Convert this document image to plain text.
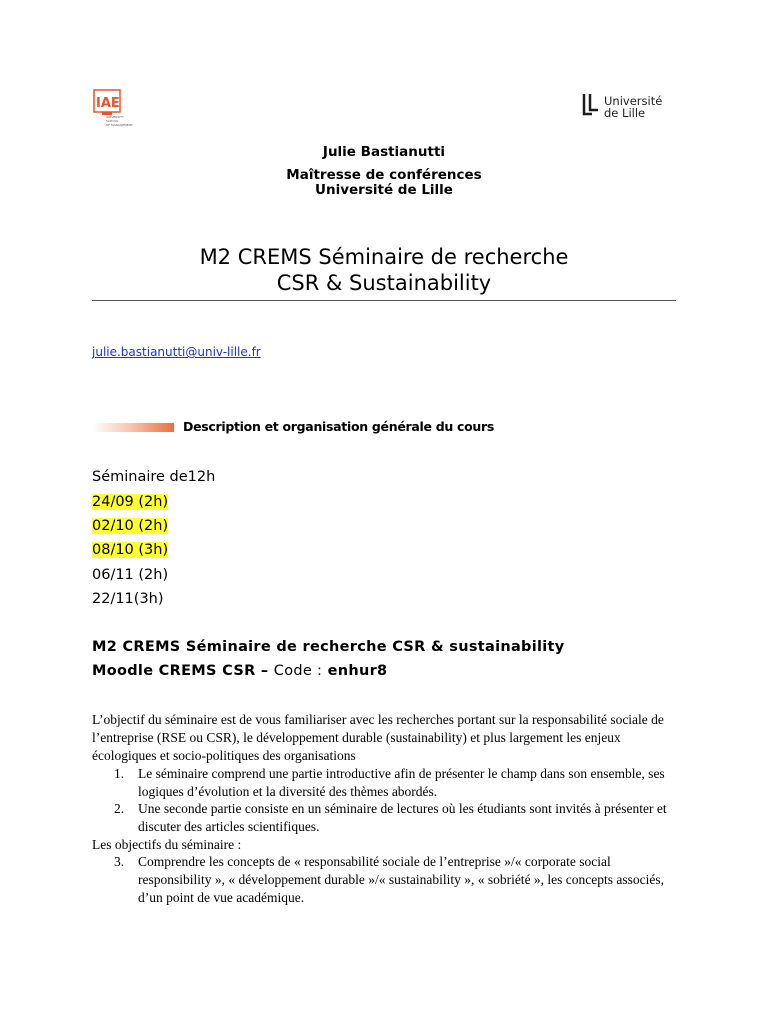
IAE
UNIVERSITY
SCHOOL
OF MANAGEMENT
Université
de Lille
Julie Bastianutti
Maîtresse de conférences
Université de Lille
M2 CREMS Séminaire de recherche
CSR & Sustainability
julie.bastianutti@univ-lille.fr
Description et organisation générale du cours
Séminaire de12h
24/09 (2h)
02/10 (2h)
08/10 (3h)
06/11 (2h)
22/11(3h)
M2 CREMS Séminaire de recherche CSR & sustainability
Moodle CREMS CSR – Code : enhur8
L’objectif du séminaire est de vous familiariser avec les recherches portant sur la responsabilité sociale de l’entreprise (RSE ou CSR), le développement durable (sustainability) et plus largement les enjeux écologiques et socio-politiques des organisations
1.	Le séminaire comprend une partie introductive afin de présenter le champ dans son ensemble, ses logiques d’évolution et la diversité des thèmes abordés.
2.	Une seconde partie consiste en un séminaire de lectures où les étudiants sont invités à présenter et discuter des articles scientifiques.
Les objectifs du séminaire :
3.	Comprendre les concepts de « responsabilité sociale de l’entreprise »/« corporate social responsibility », « développement durable »/« sustainability », « sobriété », les concepts associés, d’un point de vue académique.
